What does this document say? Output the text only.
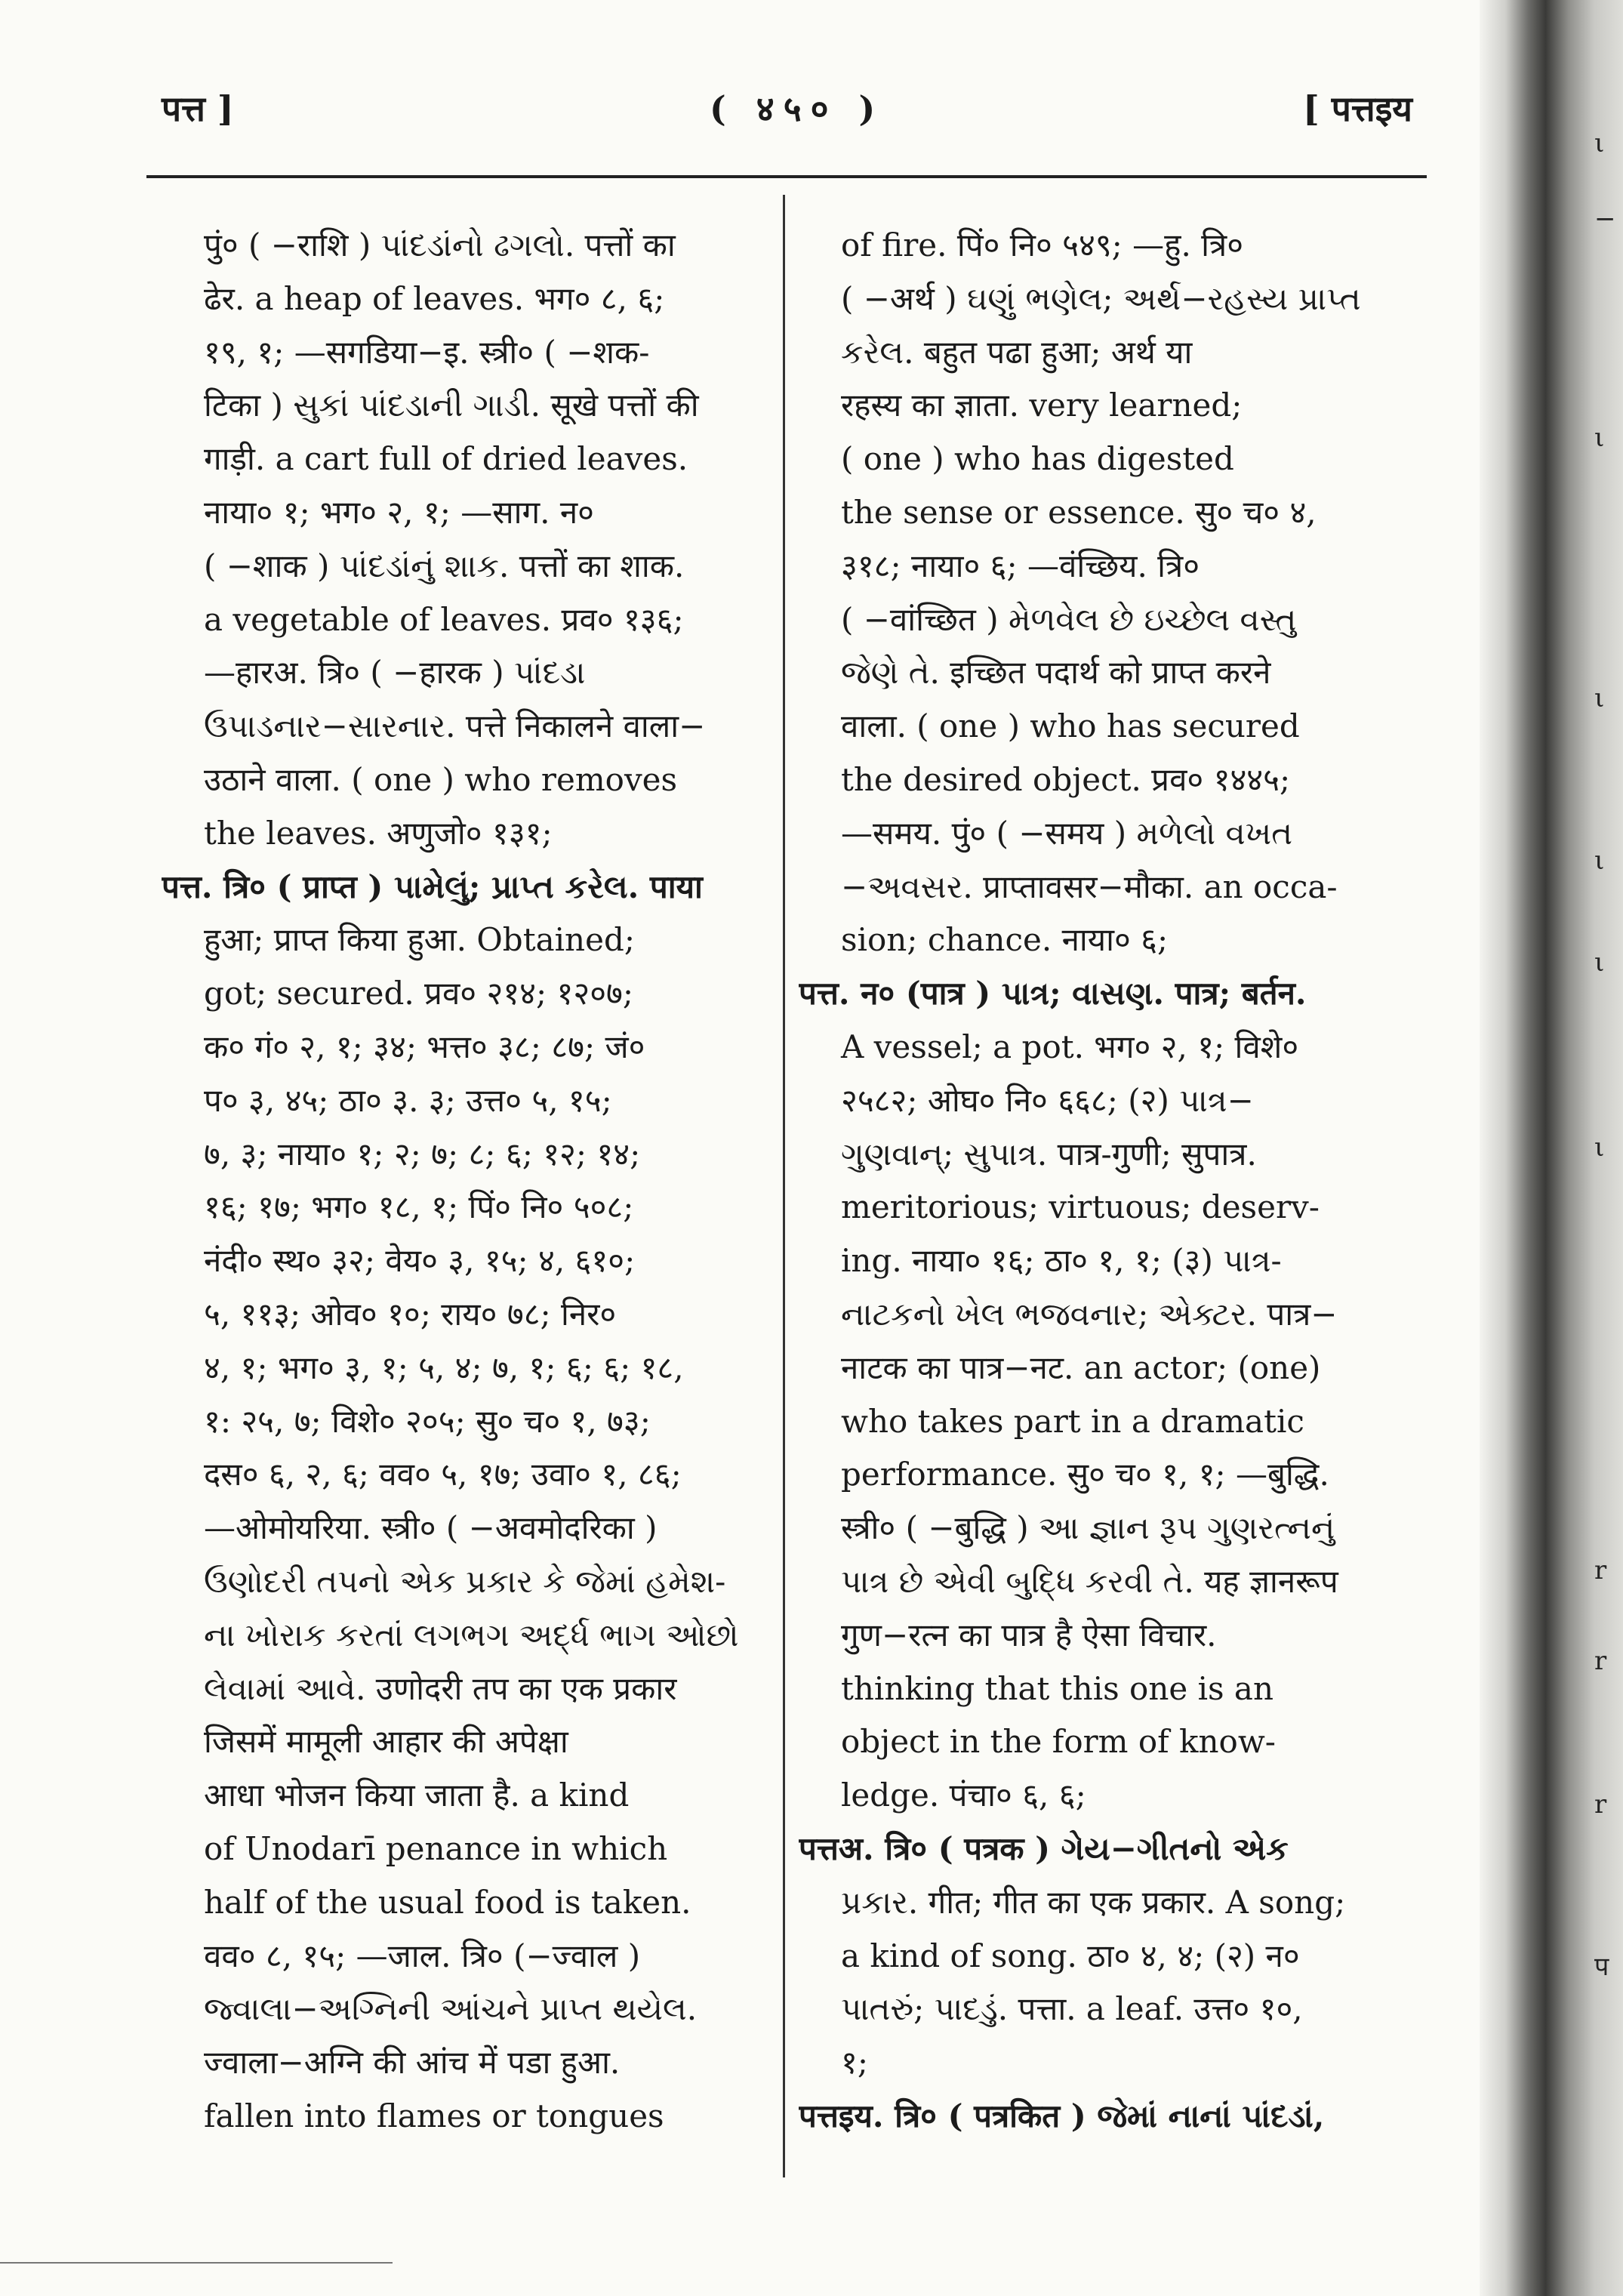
ι
−
ι
ι
ι
ι
ι
r
r
r
प
पत्त ]	( ४५० )	[ पत्तइय
पुं० ( −राशि ) પાંદડાંનો ઢગલો. पत्तों का
ढेर. a heap of leaves. भग० ८, ६;
१९, १; —सगडिया−इ. स्त्री० ( −शक-
टिका ) સુકાં પાંદડાની ગાડી. सूखे पत्तों की
गाड़ी. a cart full of dried leaves.
नाया० १; भग० २, १; —साग. न०
( −शाक ) પાંદડાંનું શાક. पत्तों का शाक.
a vegetable of leaves. प्रव० १३६;
—हारअ. त्रि० ( −हारक ) પાંદડા
ઉપાડનાર−સારનાર. पत्ते निकालने वाला−
उठाने वाला. ( one ) who removes
the leaves. अणुजो० १३१;
पत्त. त्रि० ( प्राप्त ) પામેલું; પ્રાપ્ત કરેલ. पाया
हुआ; प्राप्त किया हुआ. Obtained;
got; secured. प्रव० २१४; १२०७;
क० गं० २, १; ३४; भत्त० ३८; ८७; जं०
प० ३, ४५; ठा० ३. ३; उत्त० ५, १५;
७, ३; नाया० १; २; ७; ८; ६; १२; १४;
१६; १७; भग० १८, १; पिं० नि० ५०८;
नंदी० स्थ० ३२; वेय० ३, १५; ४, ६१०;
५, ११३; ओव० १०; राय० ७८; निर०
४, १; भग० ३, १; ५, ४; ७, १; ६; ६; १८,
१: २५, ७; विशे० २०५; सु० च० १, ७३;
दस० ६, २, ६; वव० ५, १७; उवा० १, ८६;
—ओमोयरिया. स्त्री० ( −अवमोदरिका )
ઉણોદરી તપનો એક પ્રકાર કે જેમાં હમેશ-
ના ખોરાક કરતાં લગભગ અર્દ્ધ ભાગ ઓછો
લેવામાં આવે. उणोदरी तप का एक प्रकार
जिसमें मामूली आहार की अपेक्षा
आधा भोजन किया जाता है. a kind
of Unodarī penance in which
half of the usual food is taken.
वव० ८, १५; —जाल. त्रि० (−ज्वाल )
જ્વાલા−અગ્નિની આંચને પ્રાપ્ત થયેલ.
ज्वाला−अग्नि की आंच में पडा हुआ.
fallen into flames or tongues
of fire. पिं० नि० ५४९; —हु. त्रि०
( −अर्थ ) ઘણું ભણેલ; અર્થ−રહસ્ય પ્રાપ્ત
કરેલ. बहुत पढा हुआ; अर्थ या
रहस्य का ज्ञाता. very learned;
( one ) who has digested
the sense or essence. सु० च० ४,
३१८; नाया० ६; —वंच्छिय. त्रि०
( −वांच्छित ) મેળવેલ છે ઇચ્છેલ વસ્તુ
જેણે તે. इच्छित पदार्थ को प्राप्त करने
वाला. ( one ) who has secured
the desired object. प्रव० १४४५;
—समय. पुं० ( −समय ) મળેલો વખત
−અવસર. प्राप्तावसर−मौका. an occa-
sion; chance. नाया० ६;
पत्त. न० (पात्र ) પાત્ર; વાસણ. पात्र; बर्तन.
A vessel; a pot. भग० २, १; विशे०
२५८२; ओघ० नि० ६६८; (२) પાત્ર−
ગુણવાન્; સુપાત્ર. पात्र-गुणी; सुपात्र.
meritorious; virtuous; deserv-
ing. नाया० १६; ठा० १, १; (३) પાત્ર-
નાટકનો ખેલ ભજવનાર; એક્ટર. पात्र−
नाटक का पात्र−नट. an actor; (one)
who takes part in a dramatic
performance. सु० च० १, १; —बुद्धि.
स्त्री० ( −बुद्धि ) આ જ્ઞાન રૂપ ગુણરત્નનું
પાત્ર છે એવી બુદ્ધિ કરવી તે. यह ज्ञानरूप
गुण−रत्न का पात्र है ऐसा विचार.
thinking that this one is an
object in the form of know-
ledge. पंचा० ६, ६;
पत्तअ. त्रि० ( पत्रक ) ગેય−ગીતનો એક
પ્રકાર. गीत; गीत का एक प्रकार. A song;
a kind of song. ठा० ४, ४; (२) न०
પાતરું; પાદડું. पत्ता. a leaf. उत्त० १०,
१;
पत्तइय. त्रि० ( पत्रकित ) જેમાં નાનાં પાંદડાં,
